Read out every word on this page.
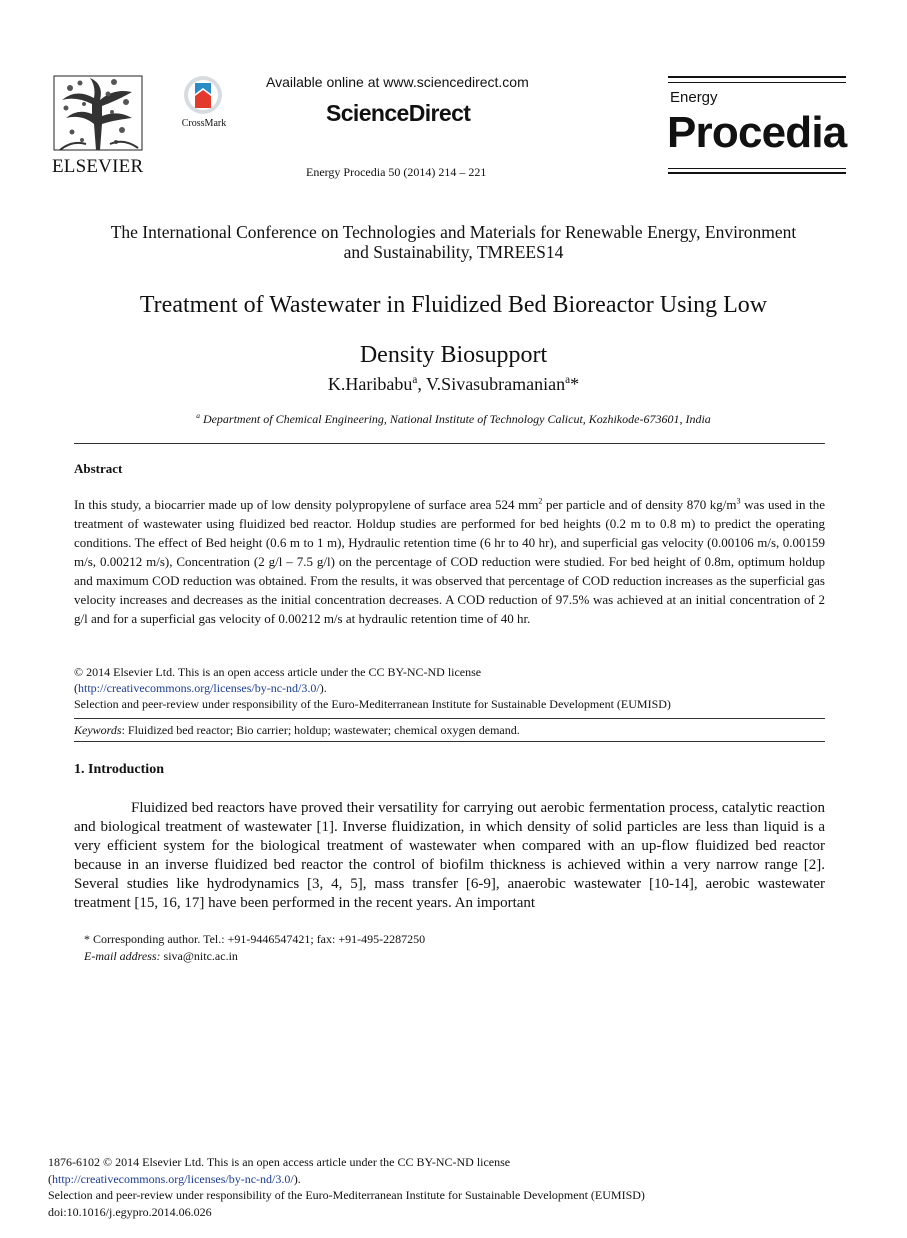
ELSEVIER
CrossMark
Available online at www.sciencedirect.com
ScienceDirect
Energy Procedia 50 (2014) 214 – 221
Energy
Procedia
The International Conference on Technologies and Materials for Renewable Energy, Environment
and Sustainability, TMREES14
Treatment of Wastewater in Fluidized Bed Bioreactor Using Low
Density Biosupport
K.Haribabu$^a$, V.Sivasubramanian$^a$*
$^a$ Department of Chemical Engineering, National Institute of Technology Calicut, Kozhikode-673601, India
Abstract
In this study, a biocarrier made up of low density polypropylene of surface area 524 $mm^2$ per particle and of density 870 $kg/m^3$ was used in the treatment of wastewater using fluidized bed reactor. Holdup studies are performed for bed heights (0.2 m to 0.8 m) to predict the operating conditions. The effect of Bed height (0.6 m to 1 m), Hydraulic retention time (6 hr to 40 hr), and superficial gas velocity (0.00106 m/s, 0.00159 m/s, 0.00212 m/s), Concentration (2 g/l – 7.5 g/l) on the percentage of COD reduction were studied. For bed height of 0.8m, optimum holdup and maximum COD reduction was obtained. From the results, it was observed that percentage of COD reduction increases as the superficial gas velocity increases and decreases as the initial concentration decreases. A COD reduction of 97.5% was achieved at an initial concentration of 2 g/l and for a superficial gas velocity of 0.00212 m/s at hydraulic retention time of 40 hr.
© 2014 Elsevier Ltd. This is an open access article under the CC BY-NC-ND license
(http://creativecommons.org/licenses/by-nc-nd/3.0/).
Selection and peer-review under responsibility of the Euro-Mediterranean Institute for Sustainable Development (EUMISD)
Keywords: Fluidized bed reactor; Bio carrier; holdup; wastewater; chemical oxygen demand.
1. Introduction
Fluidized bed reactors have proved their versatility for carrying out aerobic fermentation process, catalytic reaction and biological treatment of wastewater [1]. Inverse fluidization, in which density of solid particles are less than liquid is a very efficient system for the biological treatment of wastewater when compared with an up-flow fluidized bed reactor because in an inverse fluidized bed reactor the control of biofilm thickness is achieved within a very narrow range [2]. Several studies like hydrodynamics [3, 4, 5], mass transfer [6-9], anaerobic wastewater [10-14], aerobic wastewater treatment [15, 16, 17] have been performed in the recent years. An important
* Corresponding author. Tel.: +91-9446547421; fax: +91-495-2287250
E-mail address: siva@nitc.ac.in
1876-6102 © 2014 Elsevier Ltd. This is an open access article under the CC BY-NC-ND license
(http://creativecommons.org/licenses/by-nc-nd/3.0/).
Selection and peer-review under responsibility of the Euro-Mediterranean Institute for Sustainable Development (EUMISD)
doi:10.1016/j.egypro.2014.06.026
